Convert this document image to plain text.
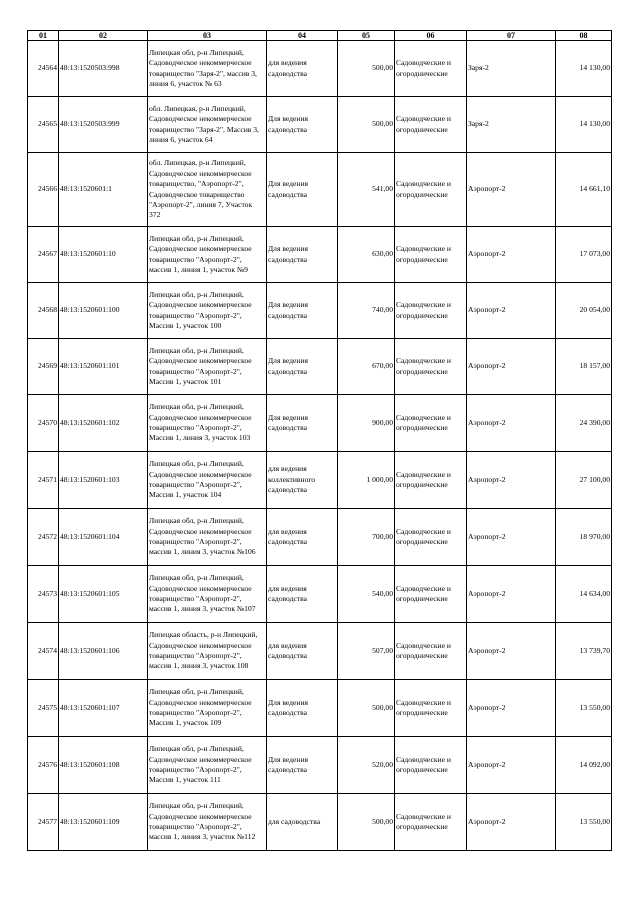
01	02	03	04	05	06	07	08
24564	48:13:1520503:998	Липецкая обл, р-н Липецкий, Садоводческое некоммерческое товарищество "Заря-2", массив 3, линия 6, участок № 63	для ведения садоводства	500,00	Садоводческие и огороднические	Заря-2	14 130,00
24565	48:13:1520503:999	обл. Липецкая, р-н Липецкий, Садоводческое некоммерческое товарищество "Заря-2", Массив 3, линия 6, участок 64	Для ведения садоводства	500,00	Садоводческие и огороднические	Заря-2	14 130,00
24566	48:13:1520601:1	обл. Липецкая, р-н Липецкий, Садоводческое некоммерческое товарищество, "Аэропорт-2", Садоводческое товарищество "Аэропорт-2", линия 7, Участок 372	Для ведения садоводства	541,00	Садоводческие и огороднические	Аэропорт-2	14 661,10
24567	48:13:1520601:10	Липецкая обл, р-н Липецкий, Садоводческое некоммерческое товарищество "Аэропорт-2", массив 1, линия 1, участок №9	Для ведения садоводства	630,00	Садоводческие и огороднические	Аэропорт-2	17 073,00
24568	48:13:1520601:100	Липецкая обл, р-н Липецкий, Садоводческое некоммерческое товарищество "Аэропорт-2", Массив 1, участок 100	Для ведения садоводства	740,00	Садоводческие и огороднические	Аэропорт-2	20 054,00
24569	48:13:1520601:101	Липецкая обл, р-н Липецкий, Садоводческое некоммерческое товарищество "Аэропорт-2", Массив 1, участок 101	Для ведения садоводства	670,00	Садоводческие и огороднические	Аэропорт-2	18 157,00
24570	48:13:1520601:102	Липецкая обл, р-н Липецкий, Садоводческое некоммерческое товарищество "Аэропорт-2", Массив 1, линия 3, участок 103	Для ведения садоводства	900,00	Садоводческие и огороднические	Аэропорт-2	24 390,00
24571	48:13:1520601:103	Липецкая обл, р-н Липецкий, Садоводческое некоммерческое товарищество "Аэропорт-2", Массив 1, участок 104	для ведения коллективного садоводства	1 000,00	Садоводческие и огороднические	Аэропорт-2	27 100,00
24572	48:13:1520601:104	Липецкая обл, р-н Липецкий, Садоводческое некоммерческое товарищество "Аэропорт-2", массив 1, линия 3, участок №106	для ведения садоводства	700,00	Садоводческие и огороднические	Аэропорт-2	18 970,00
24573	48:13:1520601:105	Липецкая обл, р-н Липецкий, Садоводческое некоммерческое товарищество "Аэропорт-2", массив 1, линия 3, участок №107	для ведения садоводства	540,00	Садоводческие и огороднические	Аэропорт-2	14 634,00
24574	48:13:1520601:106	Липецкая область, р-н Липецкий, Садоводческое некоммерческое товарищество "Аэропорт-2", массив 1, линия 3, участок 108	для ведения садоводства	507,00	Садоводческие и огороднические	Аэропорт-2	13 739,70
24575	48:13:1520601:107	Липецкая обл, р-н Липецкий, Садоводческое некоммерческое товарищество "Аэропорт-2", Массив 1, участок 109	Для ведения садоводства	500,00	Садоводческие и огороднические	Аэропорт-2	13 550,00
24576	48:13:1520601:108	Липецкая обл, р-н Липецкий, Садоводческое некоммерческое товарищество "Аэропорт-2", Массив 1, участок 111	Для ведения садоводства	520,00	Садоводческие и огороднические	Аэропорт-2	14 092,00
24577	48:13:1520601:109	Липецкая обл, р-н Липецкий, Садоводческое некоммерческое товарищество "Аэропорт-2", массив 1, линия 3, участок №112	для садоводства	500,00	Садоводческие и огороднические	Аэропорт-2	13 550,00
